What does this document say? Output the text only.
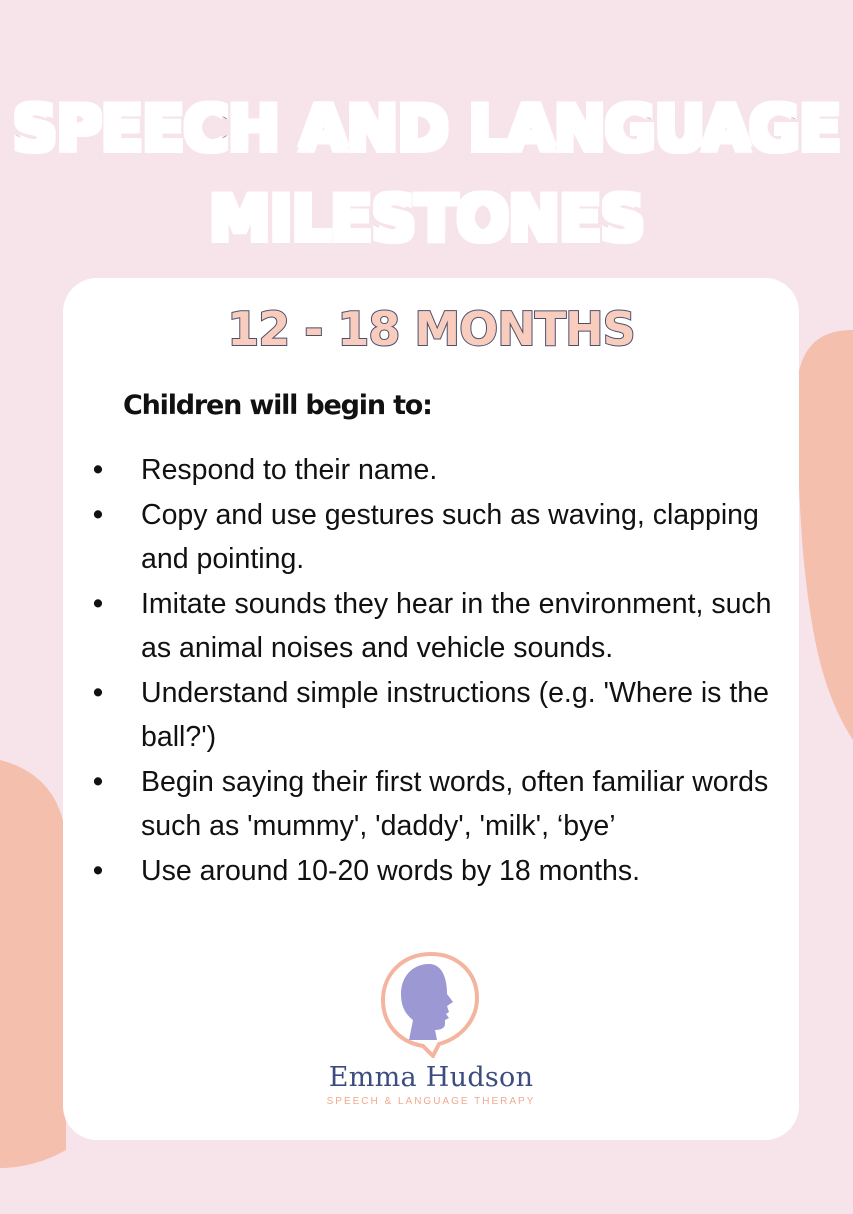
SPEECH AND LANGUAGE
MILESTONES
12 - 18 MONTHS
Children will begin to:
•	Respond to their name.
•	Copy and use gestures such as waving, clapping and pointing.
•	Imitate sounds they hear in the environment, such as animal noises and vehicle sounds.
•	Understand simple instructions (e.g. 'Where is the ball?')
•	Begin saying their first words, often familiar words such as 'mummy', 'daddy', 'milk', ‘bye’
•	Use around 10-20 words by 18 months.
Emma Hudson
SPEECH & LANGUAGE THERAPY
